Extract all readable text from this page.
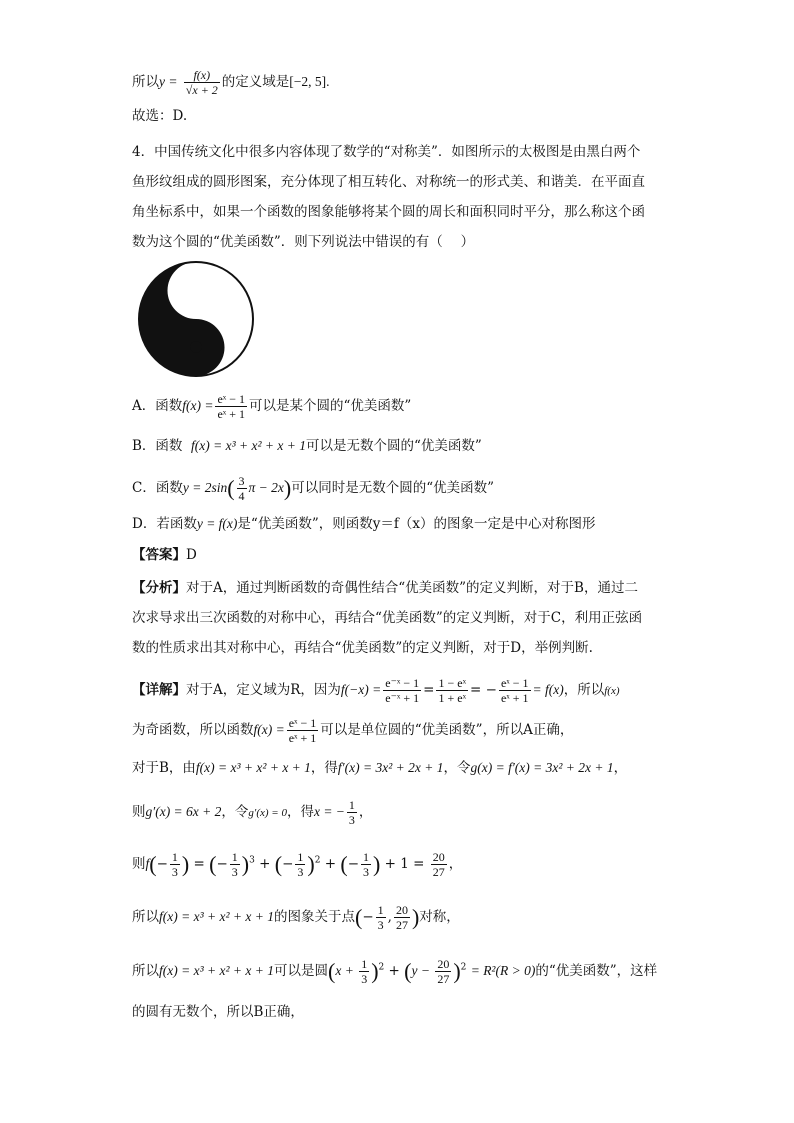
所以$y = \frac{f(x)}{√x + 2}$ 的定义域是[−2, 5].
故选：D.
4．中国传统文化中很多内容体现了数学的“对称美”．如图所示的太极图是由黑白两个
鱼形纹组成的圆形图案，充分体现了相互转化、对称统一的形式美、和谐美．在平面直
角坐标系中，如果一个函数的图象能够将某个圆的周长和面积同时平分，那么称这个函
数为这个圆的“优美函数”．则下列说法中错误的有（　 ）
A．函数$f(x) = \frac{\text{eˣ − 1}}{\text{eˣ + 1}}$ 可以是某个圆的“优美函数”
B．函数 f(x) = x³ + x² + x + 1可以是无数个圆的“优美函数”
C．函数$y = 2\sin( \frac{3}{4}$ π − 2x)可以同时是无数个圆的“优美函数”
D．若函数y = f(x)是“优美函数”，则函数y＝f（x）的图象一定是中心对称图形
【答案】D
【分析】对于A，通过判断函数的奇偶性结合“优美函数”的定义判断，对于B，通过二
次求导求出三次函数的对称中心，再结合“优美函数”的定义判断，对于C，利用正弦函
数的性质求出其对称中心，再结合“优美函数”的定义判断，对于D，举例判断.
【详解】对于A，定义域为R，因为$f(-x) = \frac{\text{e⁻ˣ − 1}}{\text{e⁻ˣ + 1}} = \frac{\text{1 − eˣ}}{\text{1 + eˣ}}$ = − $\frac{\text{eˣ − 1}}{\text{eˣ + 1}} = f(x)$，所以f(x)
为奇函数，所以函数$f(x) = \frac{\text{eˣ − 1}}{\text{eˣ + 1}}$ 可以是单位圆的“优美函数”，所以A正确，
对于B，由f(x) = x³ + x² + x + 1，得f′(x) = 3x² + 2x + 1，令g(x) = f′(x) = 3x² + 2x + 1，
则g′(x) = 6x + 2，令g′(x) = 0，得x = − $\frac{1}{3}$ ，
则$f(- \frac{1}{3}$ ) = (− $\frac{1}{3} )^3$ + (− $\frac{1}{3} )^2$ + (− $\frac{1}{3}$ ) + $1 = \frac{20}{27}$ ，
所以f(x) = x³ + x² + x + 1的图象关于点(− $\frac{1}{3}$ , $\frac{20}{27}$ )对称，
所以f(x) = x³ + x² + x + 1可以是圆$(x + \frac{1}{3} )^2 + (y - \frac{20}{27} )^2 = R^2(R > 0)$的“优美函数”，这样
的圆有无数个，所以B正确，
